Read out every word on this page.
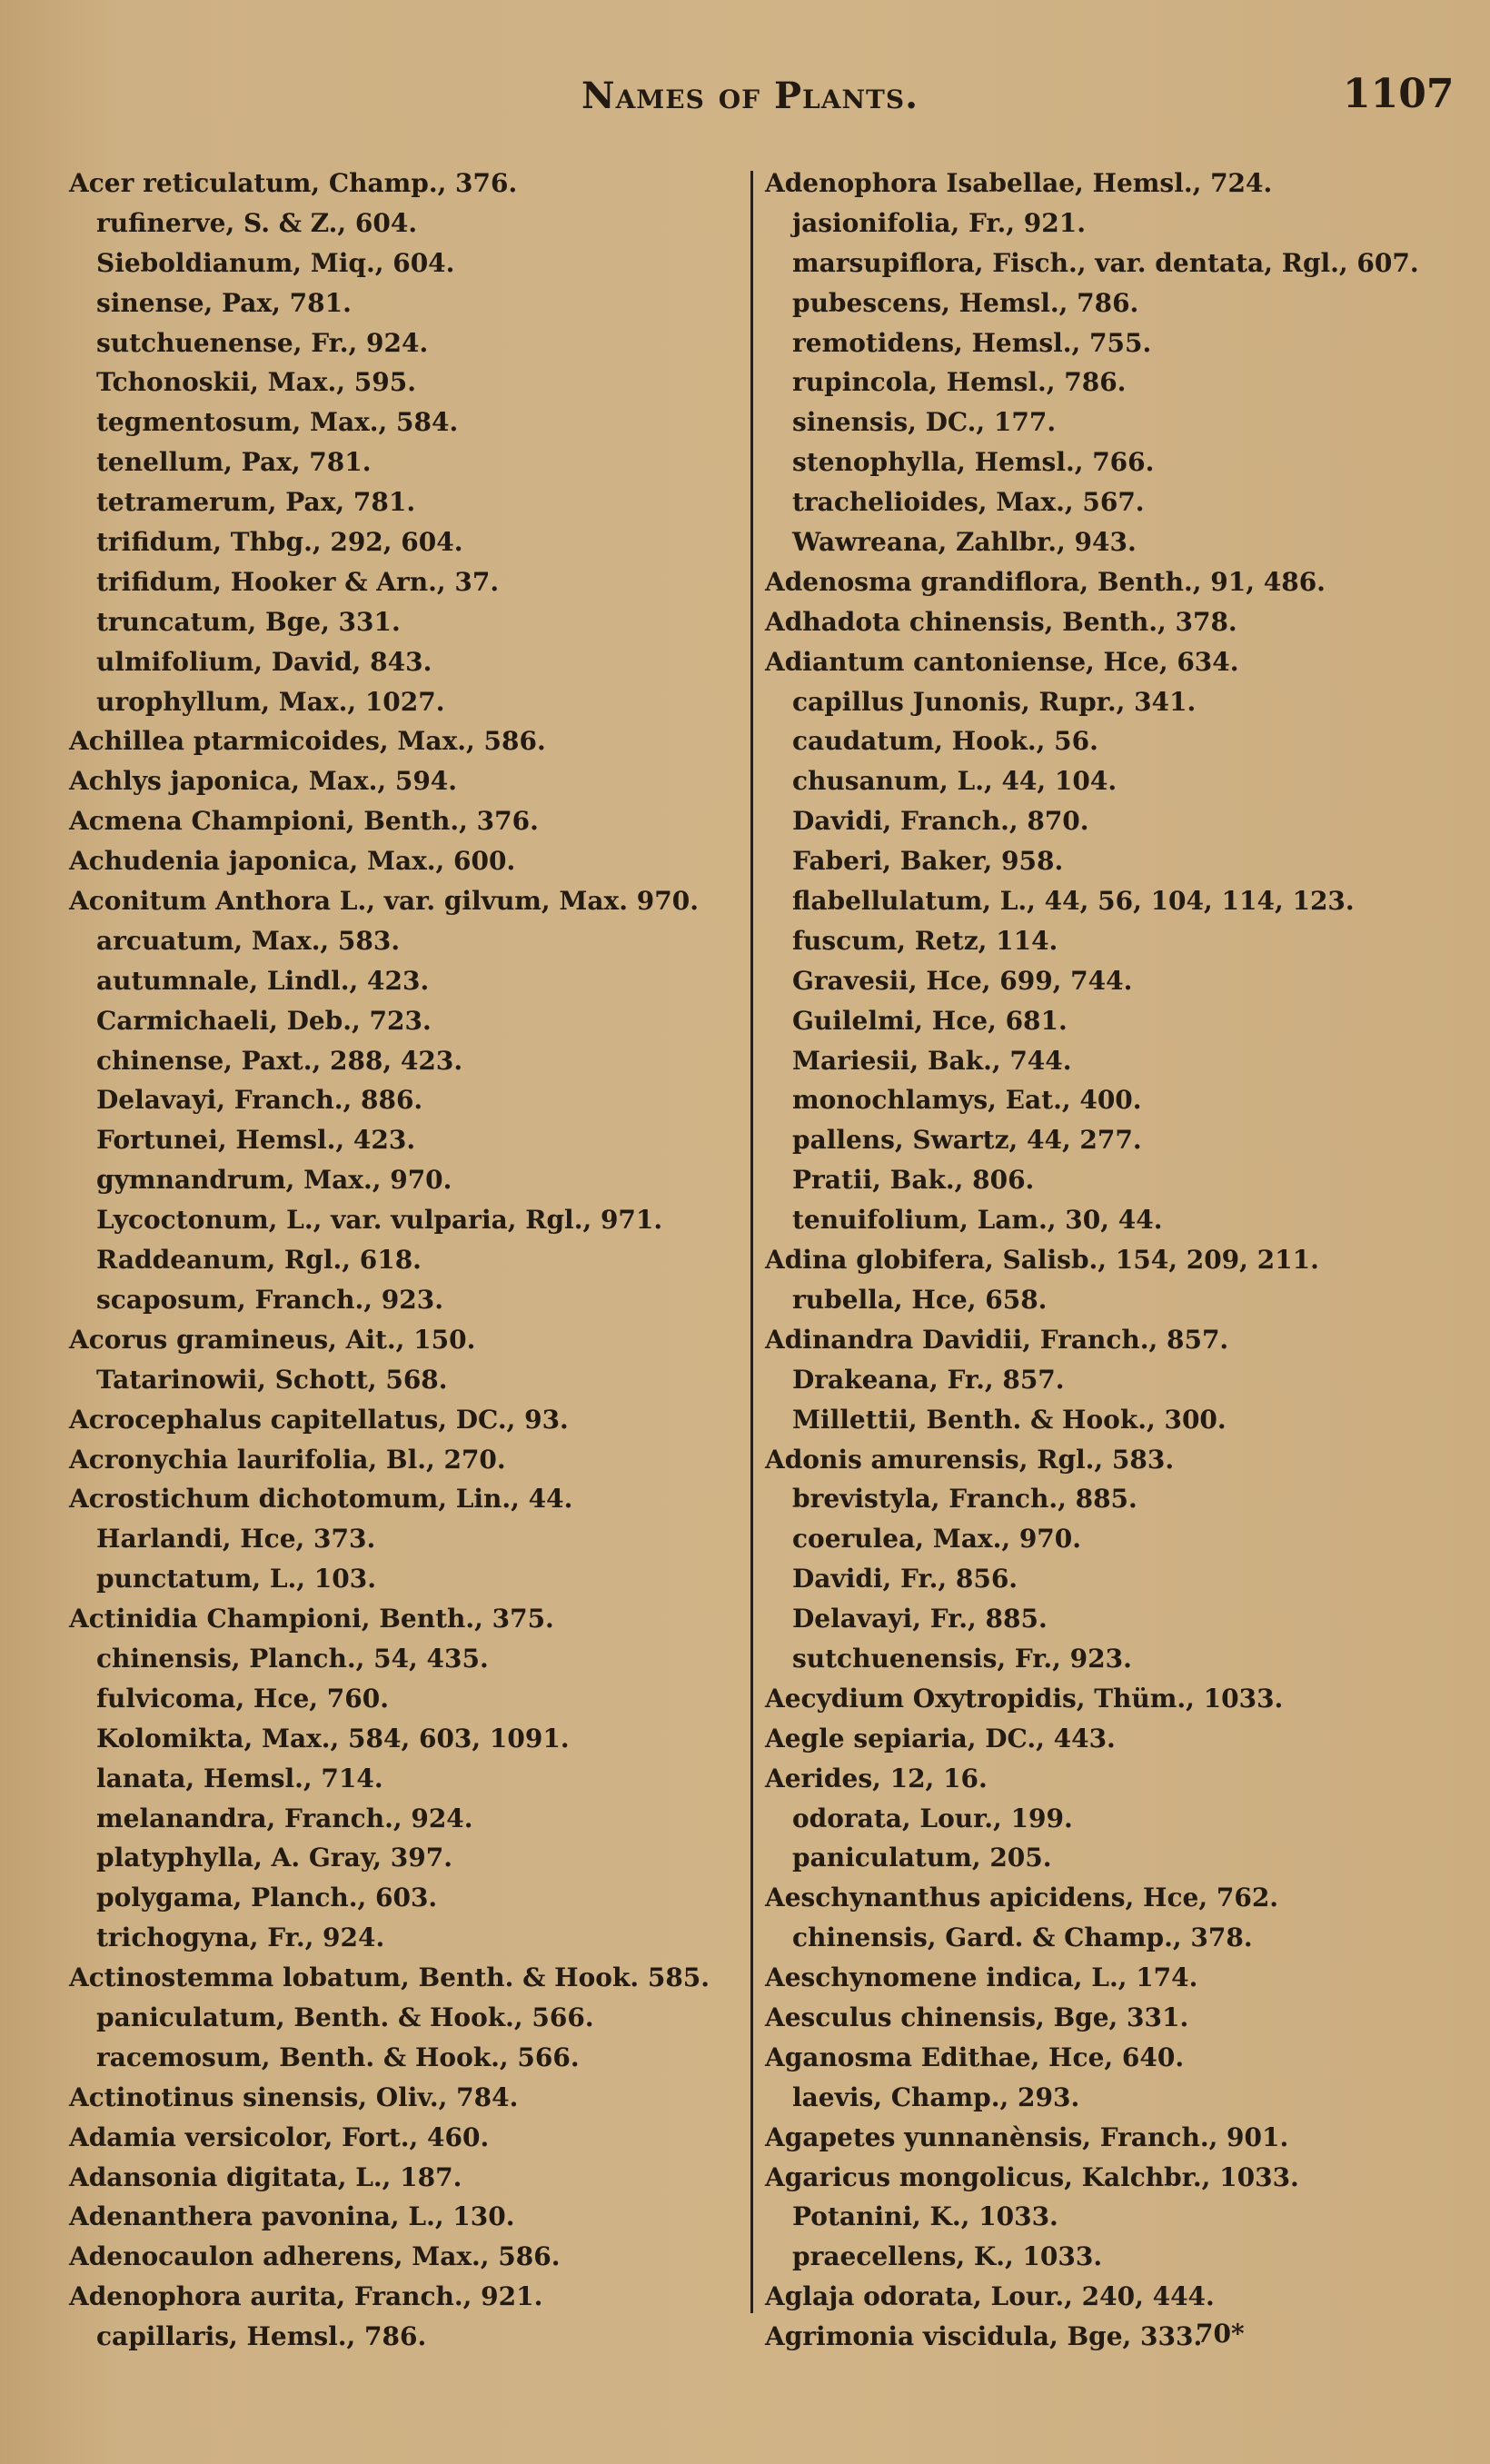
Names of Plants.	1107
Acer reticulatum, Champ., 376.
rufinerve, S. & Z., 604.
Sieboldianum, Miq., 604.
sinense, Pax, 781.
sutchuenense, Fr., 924.
Tchonoskii, Max., 595.
tegmentosum, Max., 584.
tenellum, Pax, 781.
tetramerum, Pax, 781.
trifidum, Thbg., 292, 604.
trifidum, Hooker & Arn., 37.
truncatum, Bge, 331.
ulmifolium, David, 843.
urophyllum, Max., 1027.
Achillea ptarmicoides, Max., 586.
Achlys japonica, Max., 594.
Acmena Championi, Benth., 376.
Achudenia japonica, Max., 600.
Aconitum Anthora L., var. gilvum, Max. 970.
arcuatum, Max., 583.
autumnale, Lindl., 423.
Carmichaeli, Deb., 723.
chinense, Paxt., 288, 423.
Delavayi, Franch., 886.
Fortunei, Hemsl., 423.
gymnandrum, Max., 970.
Lycoctonum, L., var. vulparia, Rgl., 971.
Raddeanum, Rgl., 618.
scaposum, Franch., 923.
Acorus gramineus, Ait., 150.
Tatarinowii, Schott, 568.
Acrocephalus capitellatus, DC., 93.
Acronychia laurifolia, Bl., 270.
Acrostichum dichotomum, Lin., 44.
Harlandi, Hce, 373.
punctatum, L., 103.
Actinidia Championi, Benth., 375.
chinensis, Planch., 54, 435.
fulvicoma, Hce, 760.
Kolomikta, Max., 584, 603, 1091.
lanata, Hemsl., 714.
melanandra, Franch., 924.
platyphylla, A. Gray, 397.
polygama, Planch., 603.
trichogyna, Fr., 924.
Actinostemma lobatum, Benth. & Hook. 585.
paniculatum, Benth. & Hook., 566.
racemosum, Benth. & Hook., 566.
Actinotinus sinensis, Oliv., 784.
Adamia versicolor, Fort., 460.
Adansonia digitata, L., 187.
Adenanthera pavonina, L., 130.
Adenocaulon adherens, Max., 586.
Adenophora aurita, Franch., 921.
capillaris, Hemsl., 786.
Adenophora Isabellae, Hemsl., 724.
jasionifolia, Fr., 921.
marsupiflora, Fisch., var. dentata, Rgl., 607.
pubescens, Hemsl., 786.
remotidens, Hemsl., 755.
rupincola, Hemsl., 786.
sinensis, DC., 177.
stenophylla, Hemsl., 766.
trachelioides, Max., 567.
Wawreana, Zahlbr., 943.
Adenosma grandiflora, Benth., 91, 486.
Adhadota chinensis, Benth., 378.
Adiantum cantoniense, Hce, 634.
capillus Junonis, Rupr., 341.
caudatum, Hook., 56.
chusanum, L., 44, 104.
Davidi, Franch., 870.
Faberi, Baker, 958.
flabellulatum, L., 44, 56, 104, 114, 123.
fuscum, Retz, 114.
Gravesii, Hce, 699, 744.
Guilelmi, Hce, 681.
Mariesii, Bak., 744.
monochlamys, Eat., 400.
pallens, Swartz, 44, 277.
Pratii, Bak., 806.
tenuifolium, Lam., 30, 44.
Adina globifera, Salisb., 154, 209, 211.
rubella, Hce, 658.
Adinandra Davidii, Franch., 857.
Drakeana, Fr., 857.
Millettii, Benth. & Hook., 300.
Adonis amurensis, Rgl., 583.
brevistyla, Franch., 885.
coerulea, Max., 970.
Davidi, Fr., 856.
Delavayi, Fr., 885.
sutchuenensis, Fr., 923.
Aecydium Oxytropidis, Thüm., 1033.
Aegle sepiaria, DC., 443.
Aerides, 12, 16.
odorata, Lour., 199.
paniculatum, 205.
Aeschynanthus apicidens, Hce, 762.
chinensis, Gard. & Champ., 378.
Aeschynomene indica, L., 174.
Aesculus chinensis, Bge, 331.
Aganosma Edithae, Hce, 640.
laevis, Champ., 293.
Agapetes yunnanènsis, Franch., 901.
Agaricus mongolicus, Kalchbr., 1033.
Potanini, K., 1033.
praecellens, K., 1033.
Aglaja odorata, Lour., 240, 444.
Agrimonia viscidula, Bge, 333.
70*
